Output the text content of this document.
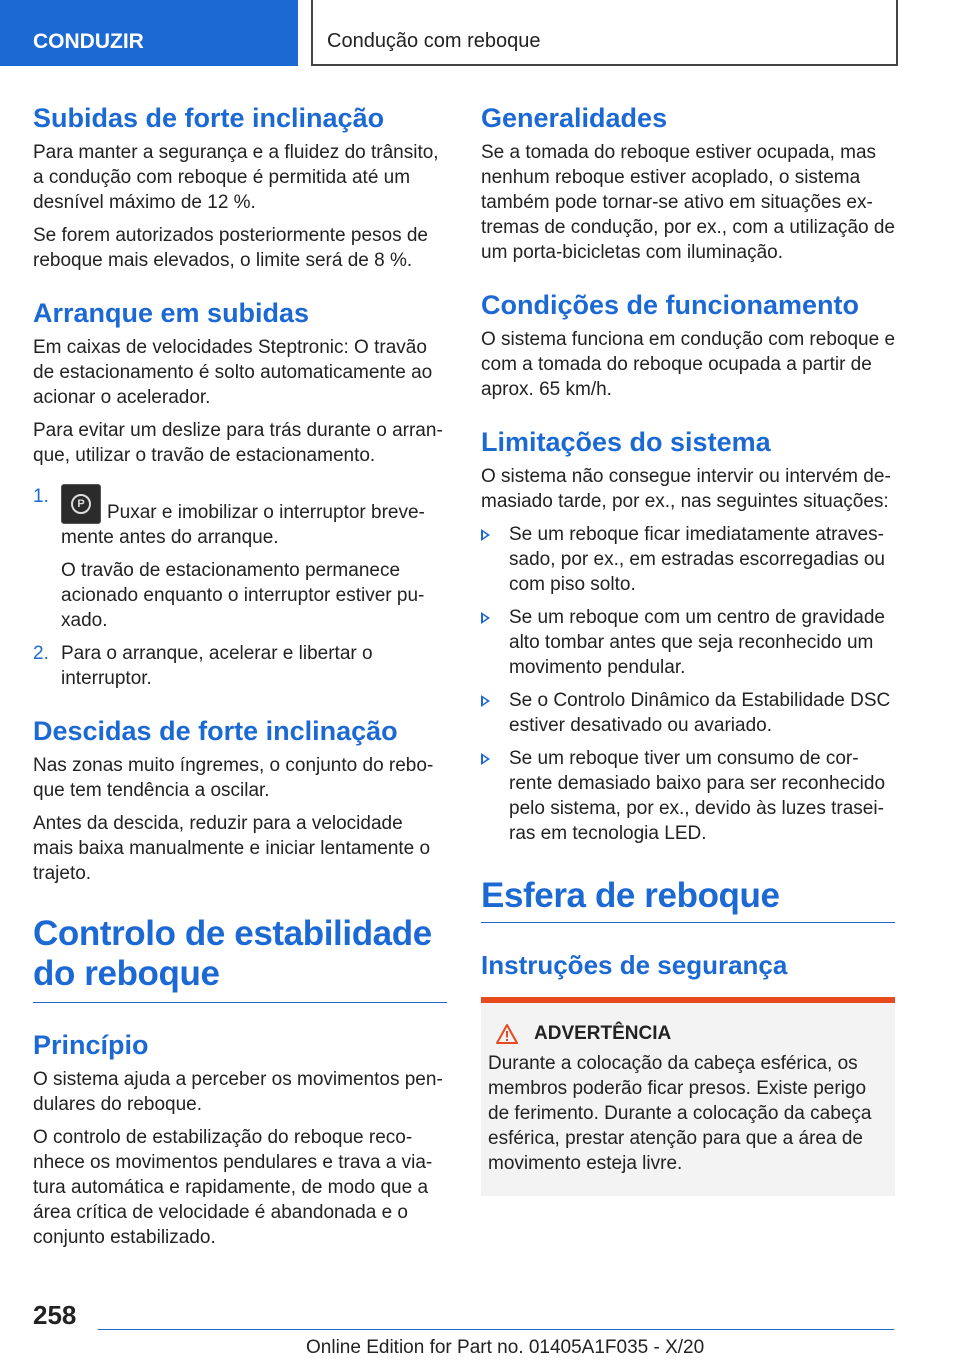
CONDUZIR	Condução com reboque
Subidas de forte inclinação

Para manter a segurança e a fluidez do trânsito, a condução com reboque é permitida até um desnível máximo de 12 %.

Se forem autorizados posteriormente pesos de reboque mais elevados, o limite será de 8 %.

Arranque em subidas

Em caixas de velocidades Steptronic: O travão de estacionamento é solto automaticamente ao acionar o acelerador.

Para evitar um deslize para trás durante o arranque, utilizar o travão de estacionamento.

1.	P	Puxar e imobilizar o interruptor brevemente antes do arranque.

O travão de estacionamento permanece acionado enquanto o interruptor estiver puxado.

2. Para o arranque, acelerar e libertar o interruptor.

Descidas de forte inclinação

Nas zonas muito íngremes, o conjunto do reboque tem tendência a oscilar.

Antes da descida, reduzir para a velocidade mais baixa manualmente e iniciar lentamente o trajeto.

Controlo de estabilidade do reboque
Princípio

O sistema ajuda a perceber os movimentos pendulares do reboque.

O controlo de estabilização do reboque reconhece os movimentos pendulares e trava a viatura automática e rapidamente, de modo que a área crítica de velocidade é abandonada e o conjunto estabilizado.

Generalidades

Se a tomada do reboque estiver ocupada, mas nenhum reboque estiver acoplado, o sistema também pode tornar-se ativo em situações extremas de condução, por ex., com a utilização de um porta-bicicletas com iluminação.

Condições de funcionamento

O sistema funciona em condução com reboque e com a tomada do reboque ocupada a partir de aprox. 65 km/h.

Limitações do sistema

O sistema não consegue intervir ou intervém demasiado tarde, por ex., nas seguintes situações:

Se um reboque ficar imediatamente atravessado, por ex., em estradas escorregadias ou com piso solto.
Se um reboque com um centro de gravidade alto tombar antes que seja reconhecido um movimento pendular.
Se o Controlo Dinâmico da Estabilidade DSC estiver desativado ou avariado.
Se um reboque tiver um consumo de corrente demasiado baixo para ser reconhecido pelo sistema, por ex., devido às luzes traseiras em tecnologia LED.
Esfera de reboque
Instruções de segurança
ADVERTÊNCIA

Durante a colocação da cabeça esférica, os membros poderão ficar presos. Existe perigo de ferimento. Durante a colocação da cabeça esférica, prestar atenção para que a área de movimento esteja livre.

258
Online Edition for Part no. 01405A1F035 - X/20
